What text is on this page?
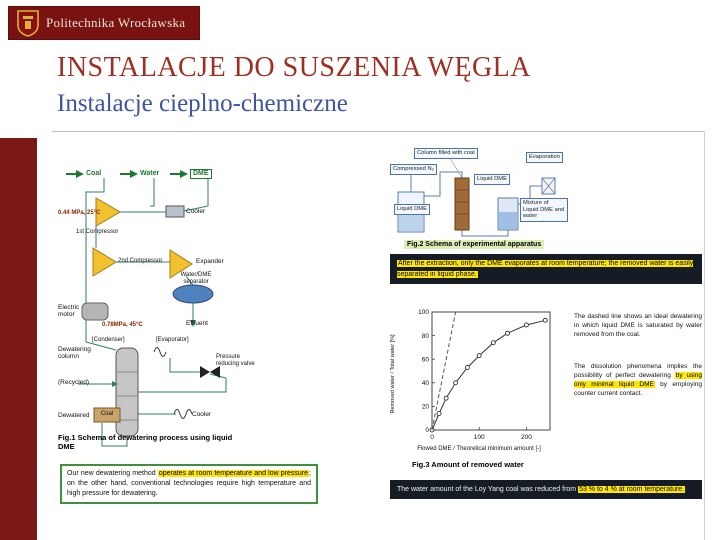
Politechnika Wrocławska
INSTALACJE DO SUSZENIA WĘGLA
Instalacje cieplno-chemiczne
Coal	Water	DME
0.44 MPa, 25°C
1st Compressor
Cooler
2nd Compressor	Expander
Water/DME separator
Electric motor
0.78MPa, 45°C	Effluent
[Condenser]	[Evaporator]
Dewatering column
(Recycled)
Pressure reducing valve
Dewatered	Coal	Cooler
Fig.1 Schema of dewatering process using liquid DME
Our new dewatering method operates at room temperature and low pressure; on the other hand, conventional technologies require high temperature and high pressure for dewatering.
Column filled with coal
Compressed N₂
Evaporation
Liquid DME
Liquid DME
Mixture of Liquid DME and water
Fig.2 Schema of experimental apparatus
After the extraction, only the DME evaporates at room temperature; the removed water is easily separated in liquid phase.
Removed water / Total water [%]
0
20
40
60
80
100
0	100	200
Flowed DME / Theoretical minimum amount [-]
Fig.3 Amount of removed water
The dashed line shows an ideal dewatering in which liquid DME is saturated by water removed from the coal.
The dissolution phenomena implies the possibility of perfect dewatering by using only minimal liquid DME by employing counter current contact.
The water amount of the Loy Yang coal was reduced from 53 % to 4 % at room temperature.
